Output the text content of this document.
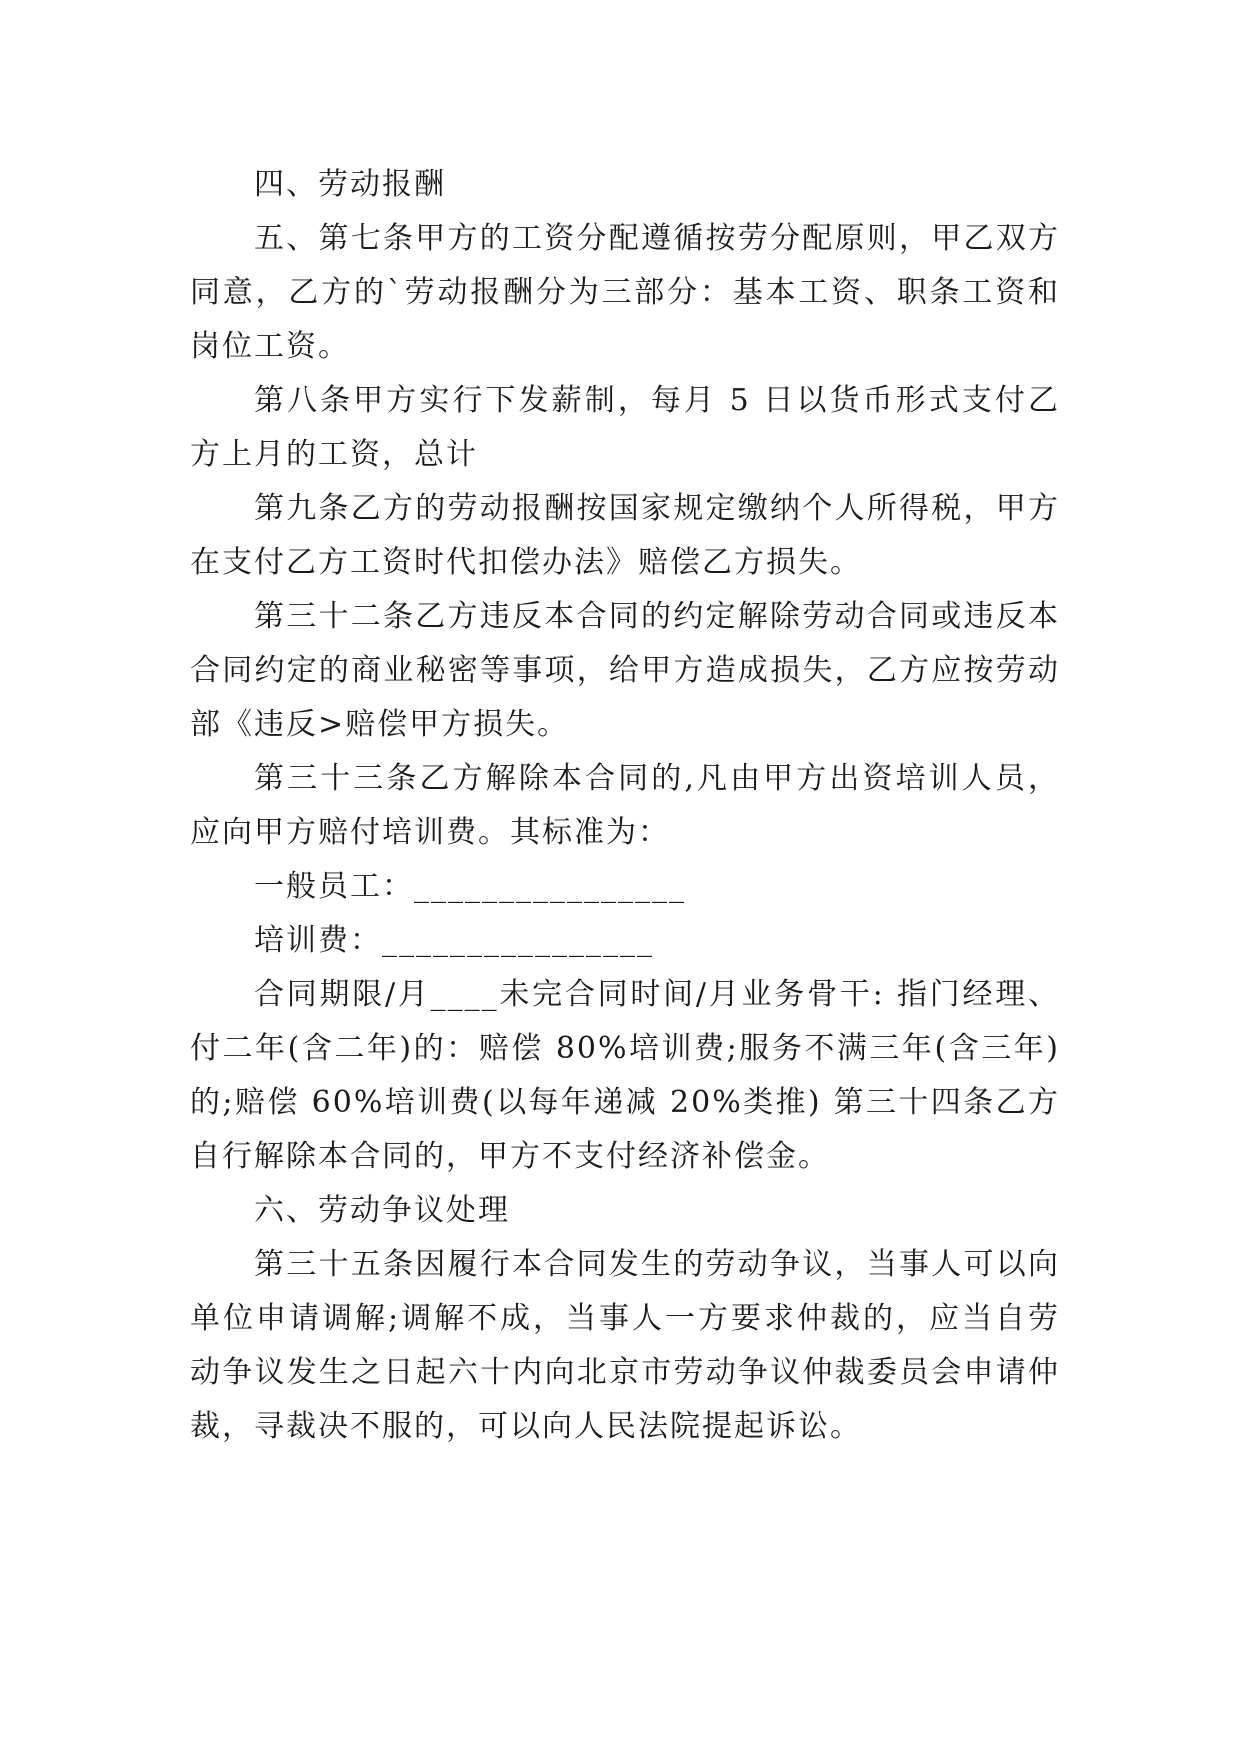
四、劳动报酬

五、第七条甲方的工资分配遵循按劳分配原则，甲乙双方同意，乙方的`劳动报酬分为三部分：基本工资、职条工资和岗位工资。

第八条甲方实行下发薪制，每月 5 日以货币形式支付乙方上月的工资，总计

第九条乙方的劳动报酬按国家规定缴纳个人所得税，甲方在支付乙方工资时代扣偿办法》赔偿乙方损失。

第三十二条乙方违反本合同的约定解除劳动合同或违反本合同约定的商业秘密等事项，给甲方造成损失，乙方应按劳动部《违反>赔偿甲方损失。

第三十三条乙方解除本合同的,凡由甲方出资培训人员，应向甲方赔付培训费。其标准为：

一般员工：________________

培训费：________________

合同期限/月____未完合同时间/月业务骨干: 指门经理、付二年(含二年)的：赔偿 80%培训费;服务不满三年(含三年)的;赔偿 60%培训费(以每年递减 20%类推) 第三十四条乙方自行解除本合同的，甲方不支付经济补偿金。

六、劳动争议处理

第三十五条因履行本合同发生的劳动争议，当事人可以向单位申请调解;调解不成，当事人一方要求仲裁的，应当自劳动争议发生之日起六十内向北京市劳动争议仲裁委员会申请仲裁，寻裁决不服的，可以向人民法院提起诉讼。
